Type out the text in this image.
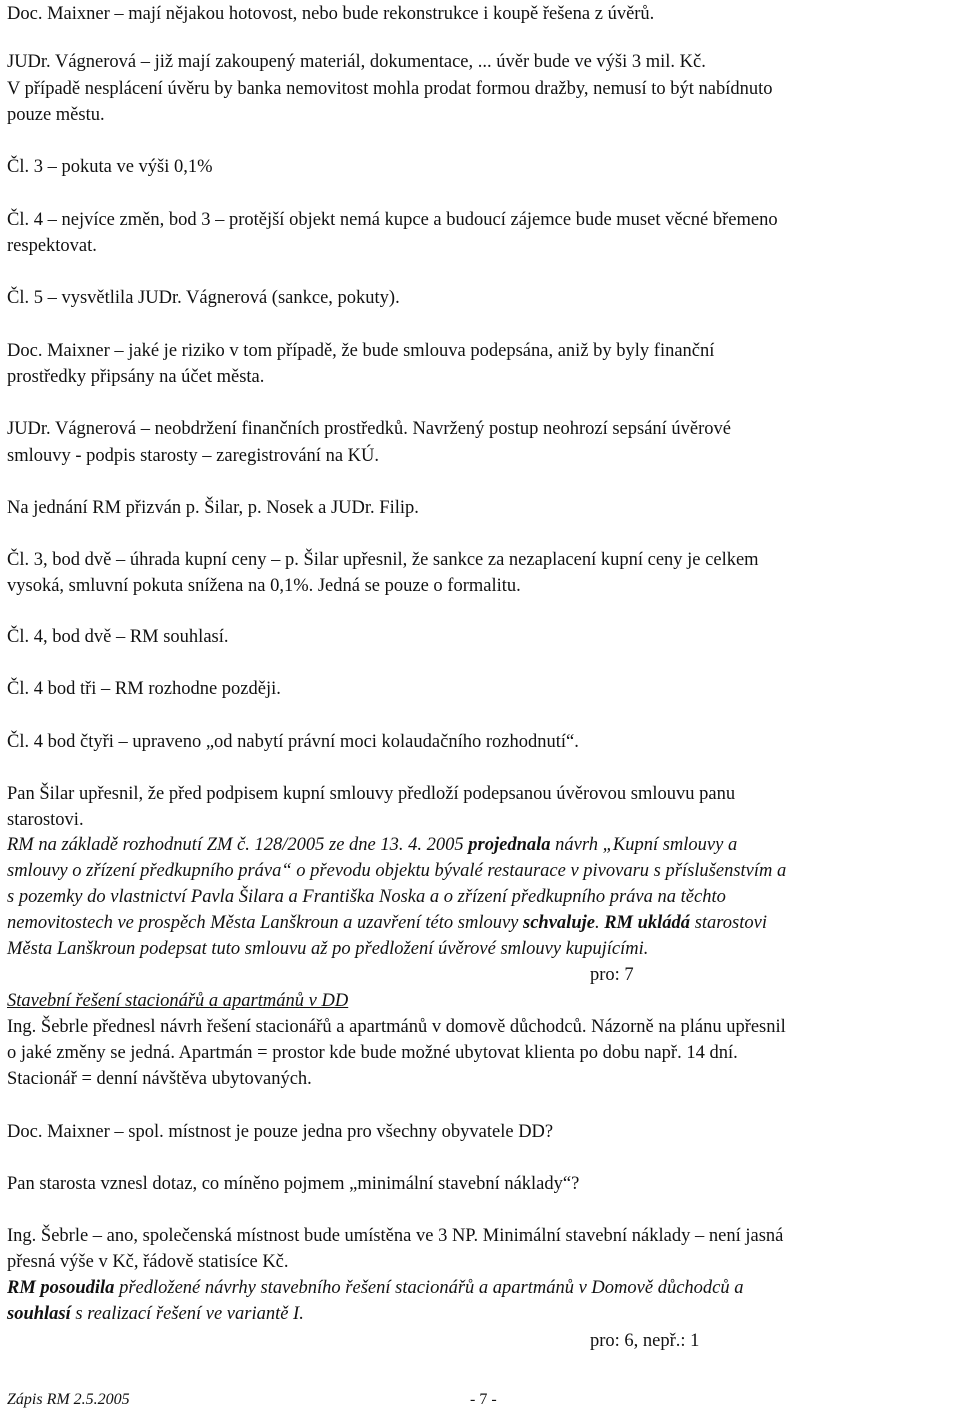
Doc. Maixner – mají nějakou hotovost, nebo bude rekonstrukce i koupě řešena z úvěrů.
JUDr. Vágnerová – již mají zakoupený materiál, dokumentace, ... úvěr bude ve výši 3 mil. Kč.
V případě nesplácení úvěru by banka nemovitost mohla prodat formou dražby, nemusí to být nabídnuto
pouze městu.
Čl. 3 – pokuta ve výši 0,1%
Čl. 4 – nejvíce změn, bod 3 – protější objekt nemá kupce a budoucí zájemce bude muset věcné břemeno
respektovat.
Čl. 5 – vysvětlila JUDr. Vágnerová (sankce, pokuty).
Doc. Maixner – jaké je riziko v tom případě, že bude smlouva podepsána, aniž by byly finanční
prostředky připsány na účet města.
JUDr. Vágnerová – neobdržení finančních prostředků. Navržený postup neohrozí sepsání úvěrové
smlouvy - podpis starosty – zaregistrování na KÚ.
Na jednání RM přizván p. Šilar, p. Nosek a JUDr. Filip.
Čl. 3, bod dvě – úhrada kupní ceny – p. Šilar upřesnil, že sankce za nezaplacení kupní ceny je celkem
vysoká, smluvní pokuta snížena na 0,1%. Jedná se pouze o formalitu.
Čl. 4, bod dvě – RM souhlasí.
Čl. 4 bod tři – RM rozhodne později.
Čl. 4 bod čtyři – upraveno „od nabytí právní moci kolaudačního rozhodnutí“.
Pan Šilar upřesnil, že před podpisem kupní smlouvy předloží podepsanou úvěrovou smlouvu panu
starostovi.
RM na základě rozhodnutí ZM č. 128/2005 ze dne 13. 4. 2005 projednala návrh „Kupní smlouvy a
smlouvy o zřízení předkupního práva“ o převodu objektu bývalé restaurace v pivovaru s příslušenstvím a
s pozemky do vlastnictví Pavla Šilara a Františka Noska a o zřízení předkupního práva na těchto
nemovitostech ve prospěch Města Lanškroun a uzavření této smlouvy schvaluje. RM ukládá starostovi
Města Lanškroun podepsat tuto smlouvu až po předložení úvěrové smlouvy kupujícími.
pro: 7
Stavební řešení stacionářů a apartmánů v DD
Ing. Šebrle přednesl návrh řešení stacionářů a apartmánů v domově důchodců. Názorně na plánu upřesnil
o jaké změny se jedná. Apartmán = prostor kde bude možné ubytovat klienta po dobu např. 14 dní.
Stacionář = denní návštěva ubytovaných.
Doc. Maixner – spol. místnost je pouze jedna pro všechny obyvatele DD?
Pan starosta vznesl dotaz, co míněno pojmem „minimální stavební náklady“?
Ing. Šebrle – ano, společenská místnost bude umístěna ve 3 NP. Minimální stavební náklady – není jasná
přesná výše v Kč, řádově statisíce Kč.
RM posoudila předložené návrhy stavebního řešení stacionářů a apartmánů v Domově důchodců a
souhlasí s realizací řešení ve variantě I.
pro: 6, nepř.: 1
Zápis RM 2.5.2005	- 7 -
